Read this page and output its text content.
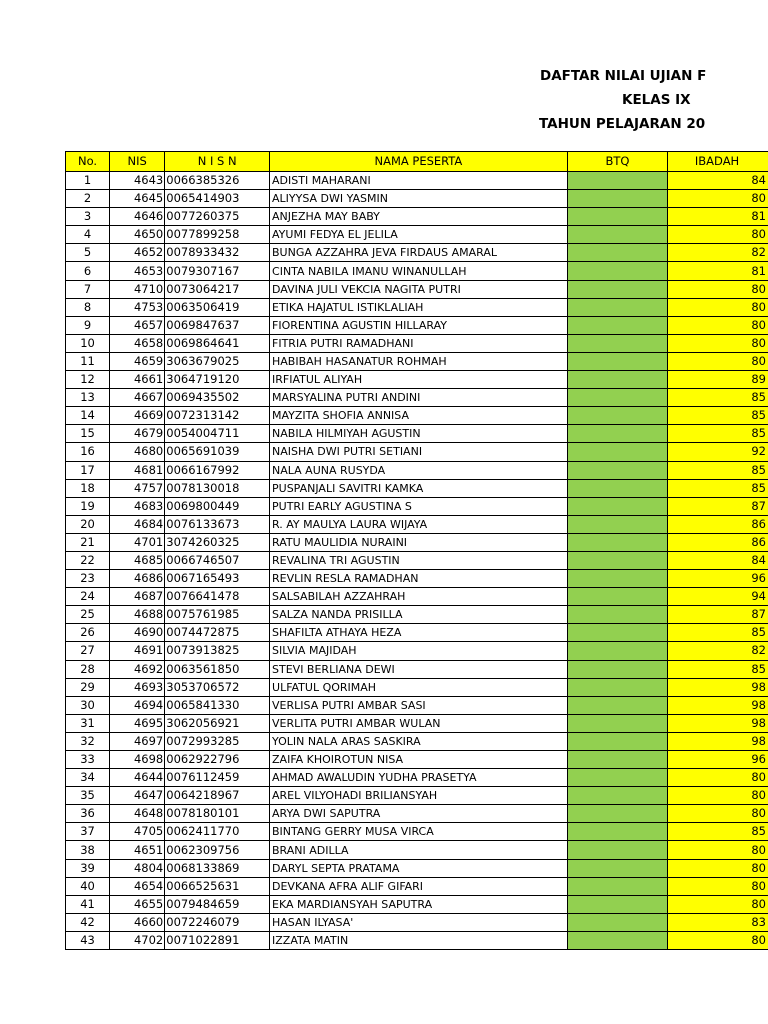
DAFTAR NILAI UJIAN F
KELAS IX
TAHUN PELAJARAN 20
No.	NIS	N I S N	NAMA PESERTA	BTQ	IBADAH
1	4643	0066385326	ADISTI MAHARANI		84
2	4645	0065414903	ALIYYSA DWI YASMIN		80
3	4646	0077260375	ANJEZHA MAY BABY		81
4	4650	0077899258	AYUMI FEDYA EL JELILA		80
5	4652	0078933432	BUNGA AZZAHRA JEVA FIRDAUS AMARAL		82
6	4653	0079307167	CINTA NABILA IMANU WINANULLAH		81
7	4710	0073064217	DAVINA JULI VEKCIA NAGITA PUTRI		80
8	4753	0063506419	ETIKA HAJATUL ISTIKLALIAH		80
9	4657	0069847637	FIORENTINA AGUSTIN HILLARAY		80
10	4658	0069864641	FITRIA PUTRI RAMADHANI		80
11	4659	3063679025	HABIBAH HASANATUR ROHMAH		80
12	4661	3064719120	IRFIATUL ALIYAH		89
13	4667	0069435502	MARSYALINA PUTRI ANDINI		85
14	4669	0072313142	MAYZITA SHOFIA ANNISA		85
15	4679	0054004711	NABILA HILMIYAH AGUSTIN		85
16	4680	0065691039	NAISHA DWI PUTRI SETIANI		92
17	4681	0066167992	NALA AUNA RUSYDA		85
18	4757	0078130018	PUSPANJALI SAVITRI KAMKA		85
19	4683	0069800449	PUTRI EARLY AGUSTINA S		87
20	4684	0076133673	R. AY MAULYA LAURA WIJAYA		86
21	4701	3074260325	RATU MAULIDIA NURAINI		86
22	4685	0066746507	REVALINA TRI AGUSTIN		84
23	4686	0067165493	REVLIN RESLA RAMADHAN		96
24	4687	0076641478	SALSABILAH AZZAHRAH		94
25	4688	0075761985	SALZA NANDA PRISILLA		87
26	4690	0074472875	SHAFILTA ATHAYA HEZA		85
27	4691	0073913825	SILVIA MAJIDAH		82
28	4692	0063561850	STEVI BERLIANA DEWI		85
29	4693	3053706572	ULFATUL QORIMAH		98
30	4694	0065841330	VERLISA PUTRI AMBAR SASI		98
31	4695	3062056921	VERLITA PUTRI AMBAR WULAN		98
32	4697	0072993285	YOLIN NALA ARAS SASKIRA		98
33	4698	0062922796	ZAIFA KHOIROTUN NISA		96
34	4644	0076112459	AHMAD AWALUDIN YUDHA PRASETYA		80
35	4647	0064218967	AREL VILYOHADI BRILIANSYAH		80
36	4648	0078180101	ARYA DWI SAPUTRA		80
37	4705	0062411770	BINTANG GERRY MUSA VIRCA		85
38	4651	0062309756	BRANI ADILLA		80
39	4804	0068133869	DARYL SEPTA PRATAMA		80
40	4654	0066525631	DEVKANA AFRA ALIF GIFARI		80
41	4655	0079484659	EKA MARDIANSYAH SAPUTRA		80
42	4660	0072246079	HASAN ILYASA'		83
43	4702	0071022891	IZZATA MATIN		80
